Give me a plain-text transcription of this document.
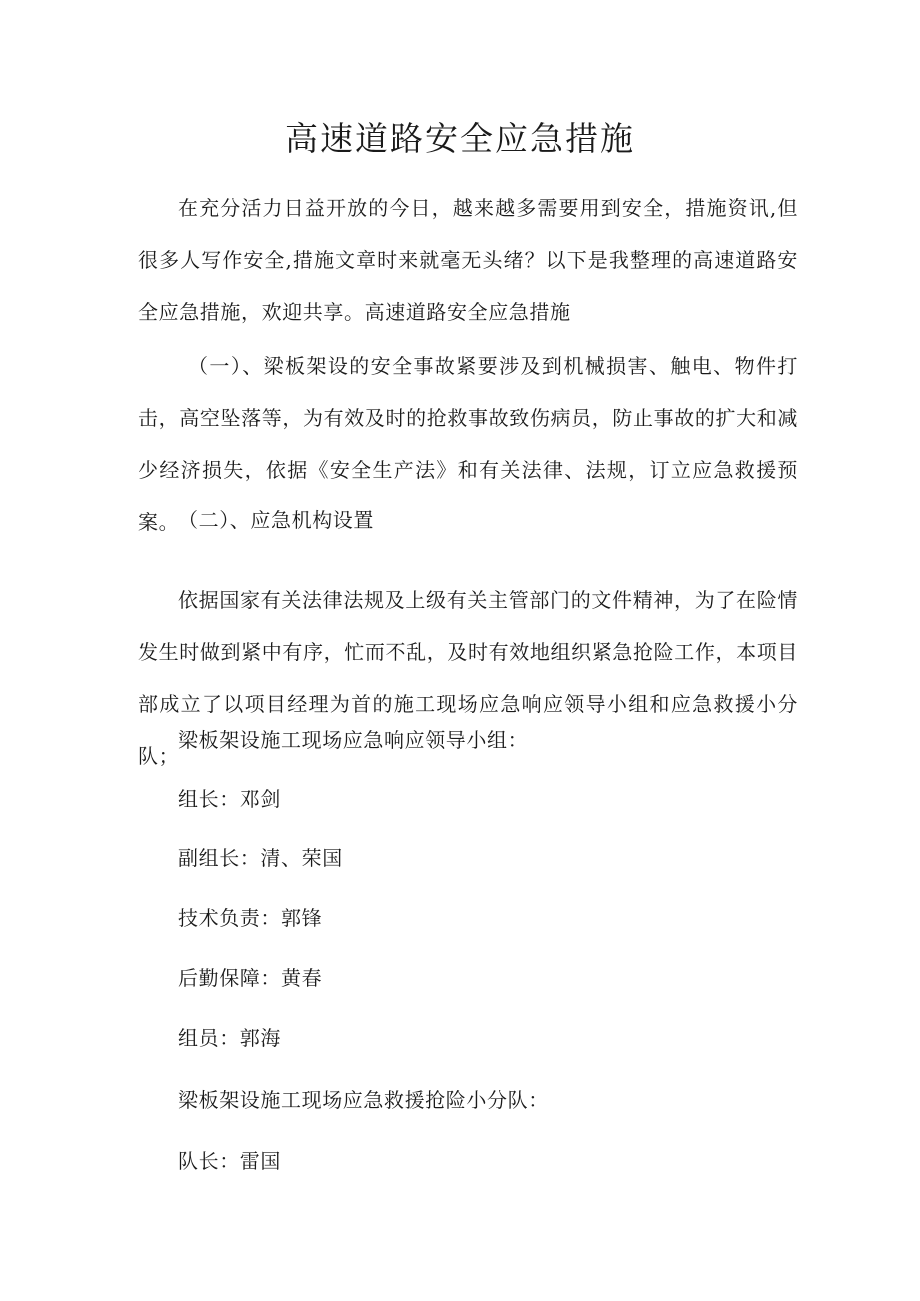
高速道路安全应急措施

在充分活力日益开放的今日，越来越多需要用到安全，措施资讯,但很多人写作安全,措施文章时来就毫无头绪？以下是我整理的高速道路安全应急措施，欢迎共享。高速道路安全应急措施

（一）、梁板架设的安全事故紧要涉及到机械损害、触电、物件打击，高空坠落等，为有效及时的抢救事故致伤病员，防止事故的扩大和减少经济损失，依据《安全生产法》和有关法律、法规，订立应急救援预案。

（二）、应急机构设置

依据国家有关法律法规及上级有关主管部门的文件精神，为了在险情发生时做到紧中有序，忙而不乱，及时有效地组织紧急抢险工作，本项目部成立了以项目经理为首的施工现场应急响应领导小组和应急救援小分队；

梁板架设施工现场应急响应领导小组：

组长：邓剑

副组长：清、荣国

技术负责：郭锋

后勤保障：黄春

组员：郭海

梁板架设施工现场应急救援抢险小分队：

队长：雷国
